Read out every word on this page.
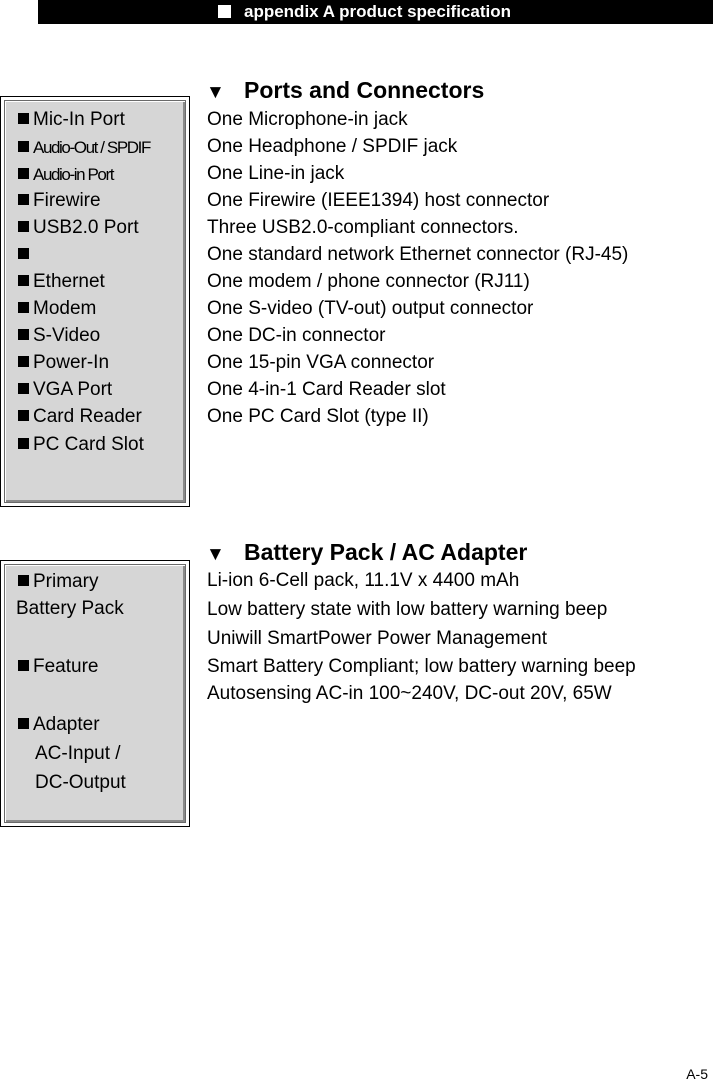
appendix A product specification
▼ Ports and Connectors
Mic-In Port
Audio-Out / SPDIF
Audio-in Port
Firewire
USB2.0 Port
Ethernet
Modem
S-Video
Power-In
VGA Port
Card Reader
PC Card Slot
One Microphone-in jack
One Headphone / SPDIF jack
One Line-in jack
One Firewire (IEEE1394) host connector
Three USB2.0-compliant connectors.
One standard network Ethernet connector (RJ-45)
One modem / phone connector (RJ11)
One S-video (TV-out) output connector
One DC-in connector
One 15-pin VGA connector
One 4-in-1 Card Reader slot
One PC Card Slot (type II)
▼ Battery Pack / AC Adapter
Primary
Battery Pack
Feature
Adapter
AC-Input /
DC-Output
Li-ion 6-Cell pack, 11.1V x 4400 mAh
Low battery state with low battery warning beep
Uniwill SmartPower Power Management
Smart Battery Compliant; low battery warning beep
Autosensing AC-in 100~240V, DC-out 20V, 65W
A-5
